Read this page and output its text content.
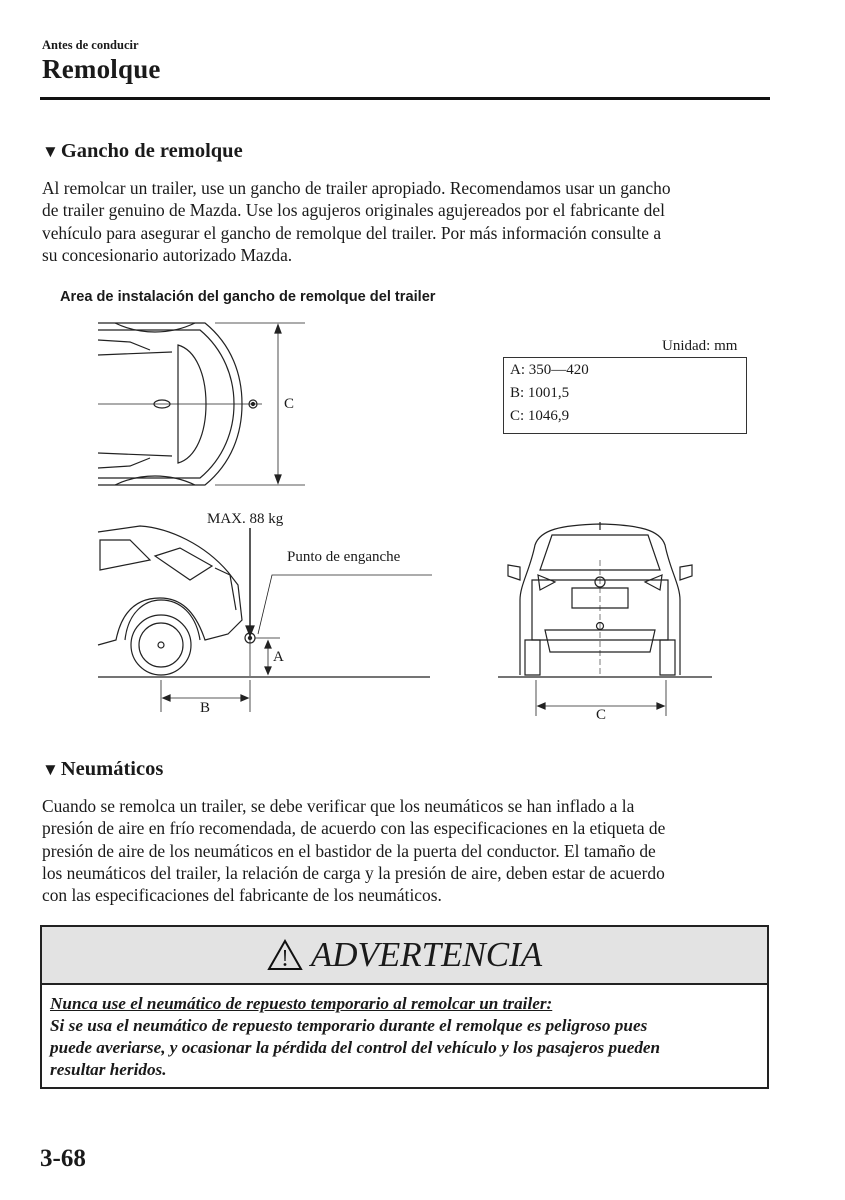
Antes de conducir
Remolque
▼Gancho de remolque
Al remolcar un trailer, use un gancho de trailer apropiado. Recomendamos usar un gancho
de trailer genuino de Mazda. Use los agujeros originales agujereados por el fabricante del
vehículo para asegurar el gancho de remolque del trailer. Por más información consulte a
su concesionario autorizado Mazda.
Area de instalación del gancho de remolque del trailer
Unidad: mm
A: 350—420
B: 1001,5
C: 1046,9
C
MAX. 88 kg
Punto de enganche
A
B	C
▼Neumáticos
Cuando se remolca un trailer, se debe verificar que los neumáticos se han inflado a la
presión de aire en frío recomendada, de acuerdo con las especificaciones en la etiqueta de
presión de aire de los neumáticos en el bastidor de la puerta del conductor. El tamaño de
los neumáticos del trailer, la relación de carga y la presión de aire, deben estar de acuerdo
con las especificaciones del fabricante de los neumáticos.
ADVERTENCIA
Nunca use el neumático de repuesto temporario al remolcar un trailer:
Si se usa el neumático de repuesto temporario durante el remolque es peligroso pues
puede averiarse, y ocasionar la pérdida del control del vehículo y los pasajeros pueden
resultar heridos.
3-68
